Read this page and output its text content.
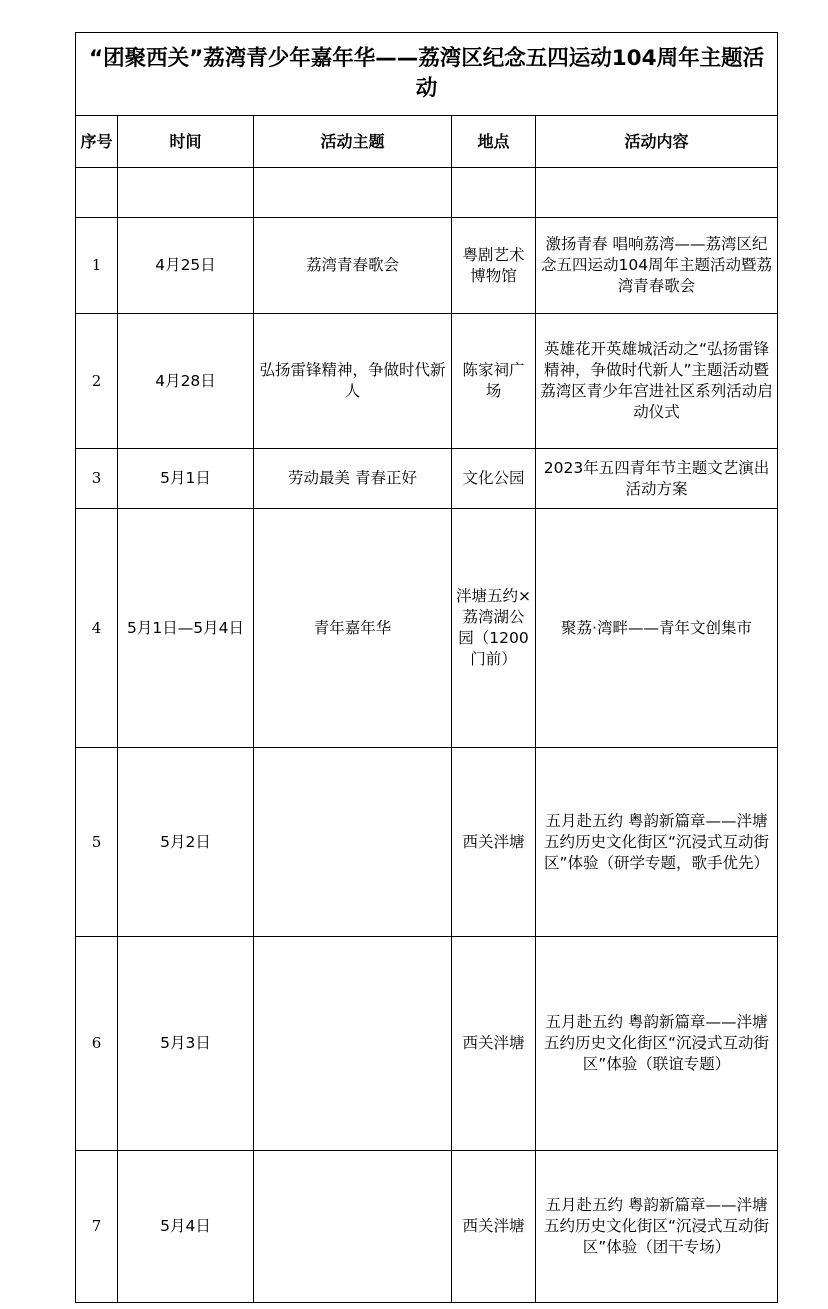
“团聚西关”荔湾青少年嘉年华——荔湾区纪念五四运动104周年主题活动				
序号	时间	活动主题	地点	活动内容

1	4月25日	荔湾青春歌会	粤剧艺术博物馆	激扬青春 唱响荔湾——荔湾区纪念五四运动104周年主题活动暨荔湾青春歌会
2	4月28日	弘扬雷锋精神，争做时代新人	陈家祠广场	英雄花开英雄城活动之“弘扬雷锋精神，争做时代新人”主题活动暨荔湾区青少年宫进社区系列活动启动仪式
3	5月1日	劳动最美 青春正好	文化公园	2023年五四青年节主题文艺演出活动方案
4	5月1日—5月4日	青年嘉年华	泮塘五约×荔湾湖公园（1200门前）	聚荔·湾畔——青年文创集市
5	5月2日		西关泮塘	五月赴五约 粤韵新篇章——泮塘五约历史文化街区“沉浸式互动街区”体验（研学专题，歌手优先）
6	5月3日		西关泮塘	五月赴五约 粤韵新篇章——泮塘五约历史文化街区“沉浸式互动街区”体验（联谊专题）
7	5月4日		西关泮塘	五月赴五约 粤韵新篇章——泮塘五约历史文化街区“沉浸式互动街区”体验（团干专场）
